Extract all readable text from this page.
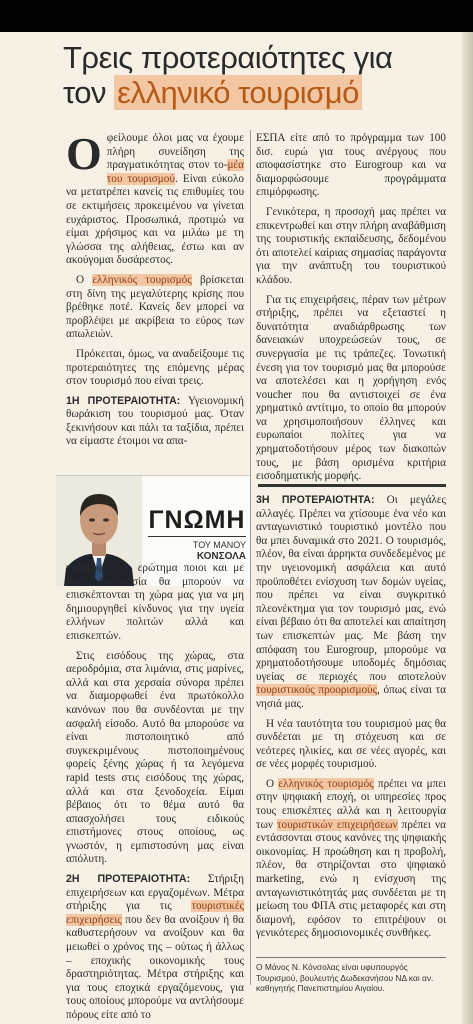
Τρεις προτεραιότητες για
τον ελληνικό τουρισμό

Οφείλουμε όλοι μας να έχουμε πλήρη συνείδηση της πραγματικότητας στον το-μέα του τουρισμού. Είναι εύκολο να μετατρέπει κανείς τις επιθυμίες του σε εκτιμήσεις προκειμένου να γίνεται ευχάριστος. Προσωπικά, προτιμώ να είμαι χρήσιμος και να μιλάω με τη γλώσσα της αλήθειας, έστω και αν ακούγομαι δυσάρεστος.

Ο ελληνικός τουρισμός βρίσκεται στη δίνη της μεγαλύτερης κρίσης που βρέθηκε ποτέ. Κανείς δεν μπορεί να προβλέψει με ακρίβεια το εύρος των απωλειών.

Πρόκειται, όμως, να αναδείξουμε τις προτεραιότητες της επόμενης μέρας στον τουρισμό που είναι τρεις.

1Η ΠΡΟΤΕΡΑΙΟΤΗΤΑ: Υγειονομική θωράκιση του τουρισμού μας. Όταν ξεκινήσουν και πάλι τα ταξίδια, πρέπει να είμαστε έτοιμοι να απα-

ΓΝΩΜΗ
ΤΟΥ ΜΑΝΟΥ
ΚΟΝΣΟΛΑ

ντήσουμε στο ερώτημα ποιοι και με ποια διαδικασία θα μπορούν να επισκέπτονται τη χώρα μας για να μη δημιουργηθεί κίνδυνος για την υγεία ελλήνων πολιτών αλλά και επισκεπτών.

Στις εισόδους της χώρας, στα αεροδρόμια, στα λιμάνια, στις μαρίνες, αλλά και στα χερσαία σύνορα πρέπει να διαμορφωθεί ένα πρωτόκολλο κανόνων που θα συνδέονται με την ασφαλή είσοδο. Αυτό θα μπορούσε να είναι πιστοποιητικό από συγκεκριμένους πιστοποιημένους φορείς ξένης χώρας ή τα λεγόμενα rapid tests στις εισόδους της χώρας, αλλά και στα ξενοδοχεία. Είμαι βέβαιος ότι το θέμα αυτό θα απασχολήσει τους ειδικούς επιστήμονες στους οποίους, ως γνωστόν, η εμπιστοσύνη μας είναι απόλυτη.

2Η ΠΡΟΤΕΡΑΙΟΤΗΤΑ: Στήριξη επιχειρήσεων και εργαζομένων. Μέτρα στήριξης για τις τουριστικές επιχειρήσεις που δεν θα ανοίξουν ή θα καθυστερήσουν να ανοίξουν και θα μειωθεί ο χρόνος της – ούτως ή άλλως – εποχικής οικονομικής τους δραστηριότητας. Μέτρα στήριξης και για τους εποχικά εργαζόμενους, για τους οποίους μπορούμε να αντλήσουμε πόρους είτε από το

ΕΣΠΑ είτε από το πρόγραμμα των 100 δισ. ευρώ για τους ανέργους που αποφασίστηκε στο Eurogroup και να διαμορφώσουμε προγράμματα επιμόρφωσης.

Γενικότερα, η προσοχή μας πρέπει να επικεντρωθεί και στην πλήρη αναβάθμιση της τουριστικής εκπαίδευσης, δεδομένου ότι αποτελεί καίριας σημασίας παράγοντα για την ανάπτυξη του τουριστικού κλάδου.

Για τις επιχειρήσεις, πέραν των μέτρων στήριξης, πρέπει να εξεταστεί η δυνατότητα αναδιάρθρωσης των δανειακών υποχρεώσεών τους, σε συνεργασία με τις τράπεζες. Τονωτική ένεση για τον τουρισμό μας θα μπορούσε να αποτελέσει και η χορήγηση ενός voucher που θα αντιστοιχεί σε ένα χρηματικό αντίτιμο, το οποίο θα μπορούν να χρησιμοποιήσουν έλληνες και ευρωπαίοι πολίτες για να χρηματοδοτήσουν μέρος των διακοπών τους, με βάση ορισμένα κριτήρια εισοδηματικής μορφής.

3Η ΠΡΟΤΕΡΑΙΟΤΗΤΑ: Οι μεγάλες αλλαγές. Πρέπει να χτίσουμε ένα νέο και ανταγωνιστικό τουριστικό μοντέλο που θα μπει δυναμικά στο 2021. Ο τουρισμός, πλέον, θα είναι άρρηκτα συνδεδεμένος με την υγειονομική ασφάλεια και αυτό προϋποθέτει ενίσχυση των δομών υγείας, που πρέπει να είναι συγκριτικό πλεονέκτημα για τον τουρισμό μας, ενώ είναι βέβαιο ότι θα αποτελεί και απαίτηση των επισκεπτών μας. Με βάση την απόφαση του Eurogroup, μπορούμε να χρηματοδοτήσουμε υποδομές δημόσιας υγείας σε περιοχές που αποτελούν τουριστικούς προορισμούς, όπως είναι τα νησιά μας.

Η νέα ταυτότητα του τουρισμού μας θα συνδέεται με τη στόχευση και σε νεότερες ηλικίες, και σε νέες αγορές, και σε νέες μορφές τουρισμού.

Ο ελληνικός τουρισμός πρέπει να μπει στην ψηφιακή εποχή, οι υπηρεσίες προς τους επισκέπτες αλλά και η λειτουργία των τουριστικών επιχειρήσεων πρέπει να εντάσσονται στους κανόνες της ψηφιακής οικονομίας. Η προώθηση και η προβολή, πλέον, θα στηρίζονται στο ψηφιακό marketing, ενώ η ενίσχυση της ανταγωνιστικότητάς μας συνδέεται με τη μείωση του ΦΠΑ στις μεταφορές και στη διαμονή, εφόσον το επιτρέψουν οι γενικότερες δημοσιονομικές συνθήκες.

Ο Μάνος Ν. Κόνσολας είναι υφυπουργός Τουρισμού, βουλευτής Δωδεκανήσου ΝΔ και αν. καθηγητής Πανεπιστημίου Αιγαίου.
